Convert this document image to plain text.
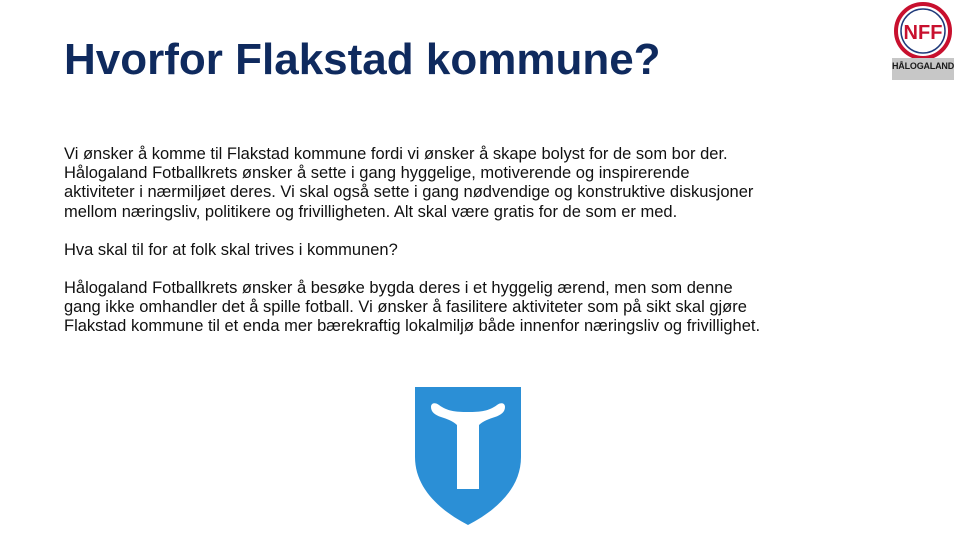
Hvorfor Flakstad kommune?

Vi ønsker å komme til Flakstad kommune fordi vi ønsker å skape bolyst for de som bor der. Hålogaland Fotballkrets ønsker å sette i gang hyggelige, motiverende og inspirerende aktiviteter i nærmiljøet deres. Vi skal også sette i gang nødvendige og konstruktive diskusjoner mellom næringsliv, politikere og frivilligheten. Alt skal være gratis for de som er med.

Hva skal til for at folk skal trives i kommunen?

Hålogaland Fotballkrets ønsker å besøke bygda deres i et hyggelig ærend, men som denne gang ikke omhandler det å spille fotball. Vi ønsker å fasilitere aktiviteter som på sikt skal gjøre Flakstad kommune til et enda mer bærekraftig lokalmiljø både innenfor næringsliv og frivillighet.

NFF
HÅLOGALAND
